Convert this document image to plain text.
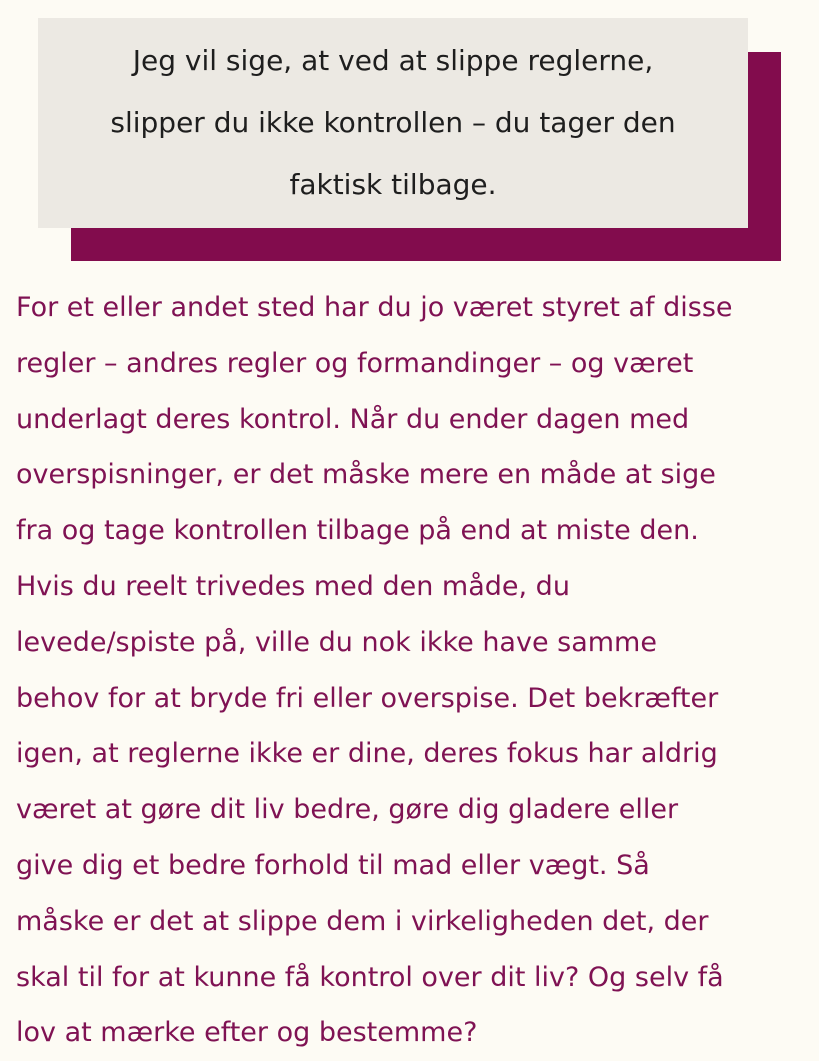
Jeg vil sige, at ved at slippe reglerne,
slipper du ikke kontrollen – du tager den
faktisk tilbage.

For et eller andet sted har du jo været styret af disse
regler – andres regler og formandinger – og været
underlagt deres kontrol. Når du ender dagen med
overspisninger, er det måske mere en måde at sige
fra og tage kontrollen tilbage på end at miste den.
Hvis du reelt trivedes med den måde, du
levede/spiste på, ville du nok ikke have samme
behov for at bryde fri eller overspise. Det bekræfter
igen, at reglerne ikke er dine, deres fokus har aldrig
været at gøre dit liv bedre, gøre dig gladere eller
give dig et bedre forhold til mad eller vægt. Så
måske er det at slippe dem i virkeligheden det, der
skal til for at kunne få kontrol over dit liv? Og selv få
lov at mærke efter og bestemme?
